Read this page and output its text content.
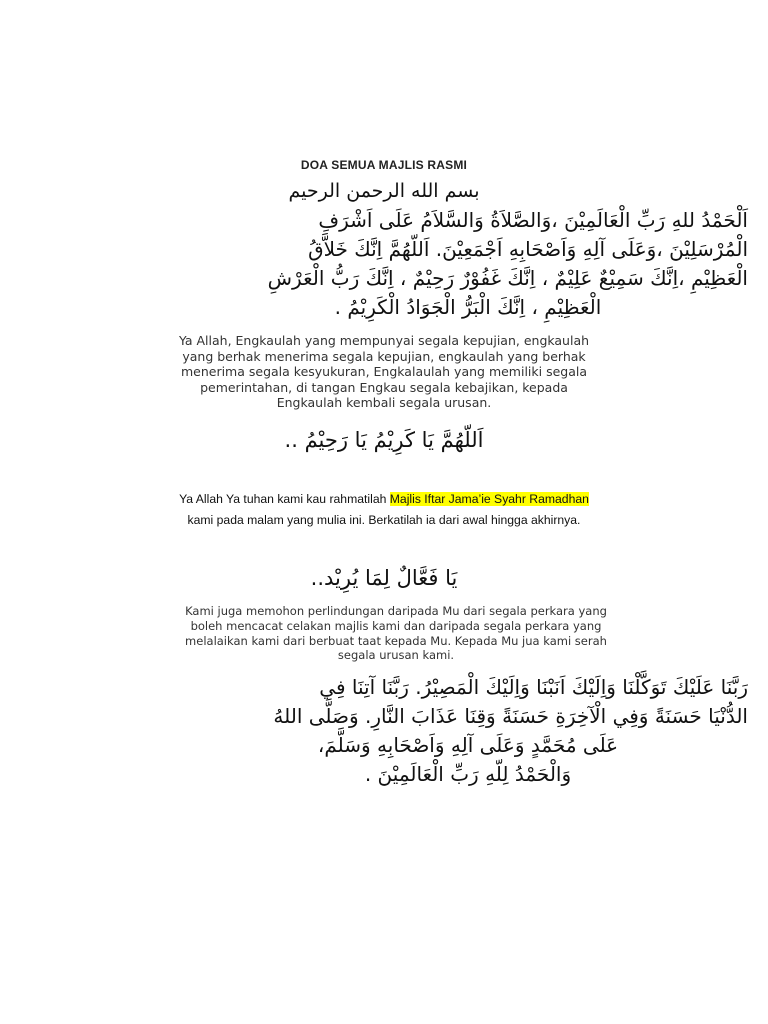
DOA SEMUA MAJLIS RASMI
بسم الله الرحمن الرحيم
اَلْحَمْدُ للهِ رَبِّ الْعَالَمِيْنَ ،وَالصَّلاَةُ وَالسَّلاَمُ عَلَى اَشْرَفِ
الْمُرْسَلِيْنَ ،وَعَلَى آلِهِ وَاَصْحَابِهِ اَجْمَعِيْنَ. اَللّهُمَّ اِنَّكَ خَلاَّقُ
الْعَظِيْمِ ،اِنَّكَ سَمِيْعٌ عَلِيْمٌ ، اِنَّكَ غَفُوْرٌ رَحِيْمٌ ، اِنَّكَ رَبُّ الْعَرْشِ
الْعَظِيْمِ ، اِنَّكَ الْبَرُّ الْجَوَادُ الْكَرِيْمُ .
Ya Allah, Engkaulah yang mempunyai segala kepujian, engkaulah yang berhak menerima segala kepujian, engkaulah yang berhak menerima segala kesyukuran, Engkalaulah yang memiliki segala pemerintahan, di tangan Engkau segala kebajikan, kepada Engkaulah kembali segala urusan.
اَللّهُمَّ يَا كَرِيْمُ يَا رَحِيْمُ ..
Ya Allah Ya tuhan kami kau rahmatilah Majlis Iftar Jama’ie Syahr Ramadhan
kami pada malam yang mulia ini. Berkatilah ia dari awal hingga akhirnya.
يَا فَعَّالٌ لِمَا يُرِيْد..
Kami juga memohon perlindungan daripada Mu dari segala perkara yang boleh mencacat celakan majlis kami dan daripada segala perkara yang melalaikan kami dari berbuat taat kepada Mu. Kepada Mu jua kami serah segala urusan kami.
رَبَّنَا عَلَيْكَ تَوَكَّلْنَا وَاِلَيْكَ اَنَبْنَا وَاِلَيْكَ الْمَصِيْرُ. رَبَّنَا آتِنَا فِي
الدُّنْيَا حَسَنَةً وَفِي الْآخِرَةِ حَسَنَةً وَقِنَا عَذَابَ النَّارِ. وَصَلَّى اللهُ
عَلَى مُحَمَّدٍ وَعَلَى آلِهِ وَاَصْحَابِهِ وَسَلَّمَ،
وَالْحَمْدُ لِلّهِ رَبِّ الْعَالَمِيْنَ .
